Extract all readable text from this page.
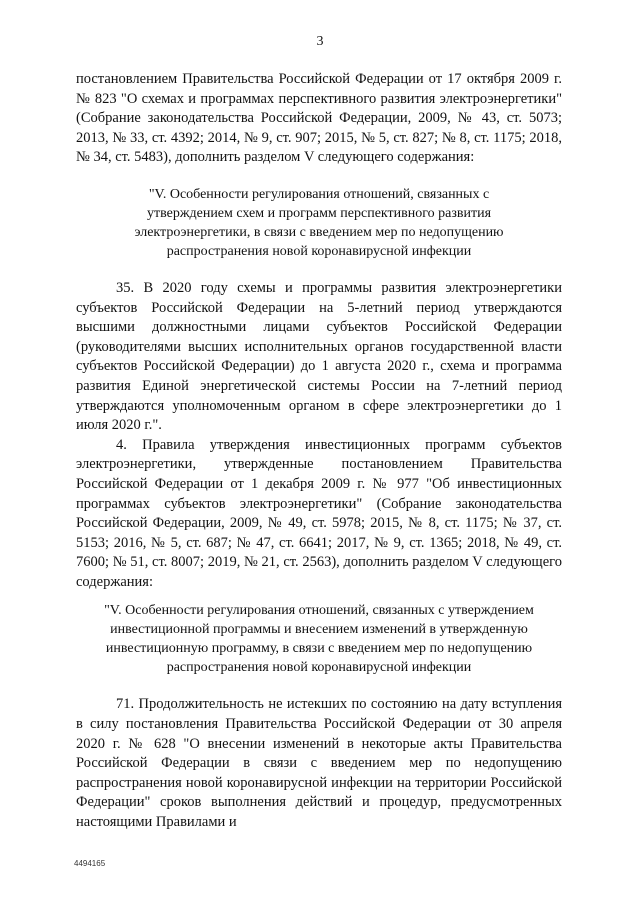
3

постановлением Правительства Российской Федерации от 17 октября 2009 г. № 823 "О схемах и программах перспективного развития электроэнергетики" (Собрание законодательства Российской Федерации, 2009, № 43, ст. 5073; 2013, № 33, ст. 4392; 2014, № 9, ст. 907; 2015, № 5, ст. 827; № 8, ст. 1175; 2018, № 34, ст. 5483), дополнить разделом V следующего содержания:

"V. Особенности регулирования отношений, связанных с утверждением схем и программ перспективного развития электроэнергетики, в связи с введением мер по недопущению распространения новой коронавирусной инфекции

35. В 2020 году схемы и программы развития электроэнергетики субъектов Российской Федерации на 5-летний период утверждаются высшими должностными лицами субъектов Российской Федерации (руководителями высших исполнительных органов государственной власти субъектов Российской Федерации) до 1 августа 2020 г., схема и программа развития Единой энергетической системы России на 7-летний период утверждаются уполномоченным органом в сфере электроэнергетики до 1 июля 2020 г.".

4. Правила утверждения инвестиционных программ субъектов электроэнергетики, утвержденные постановлением Правительства Российской Федерации от 1 декабря 2009 г. № 977 "Об инвестиционных программах субъектов электроэнергетики" (Собрание законодательства Российской Федерации, 2009, № 49, ст. 5978; 2015, № 8, ст. 1175; № 37, ст. 5153; 2016, № 5, ст. 687; № 47, ст. 6641; 2017, № 9, ст. 1365; 2018, № 49, ст. 7600; № 51, ст. 8007; 2019, № 21, ст. 2563), дополнить разделом V следующего содержания:

"V. Особенности регулирования отношений, связанных с утверждением инвестиционной программы и внесением изменений в утвержденную инвестиционную программу, в связи с введением мер по недопущению распространения новой коронавирусной инфекции

71. Продолжительность не истекших по состоянию на дату вступления в силу постановления Правительства Российской Федерации от 30 апреля 2020 г. № 628 "О внесении изменений в некоторые акты Правительства Российской Федерации в связи с введением мер по недопущению распространения новой коронавирусной инфекции на территории Российской Федерации" сроков выполнения действий и процедур, предусмотренных настоящими Правилами и

4494165
